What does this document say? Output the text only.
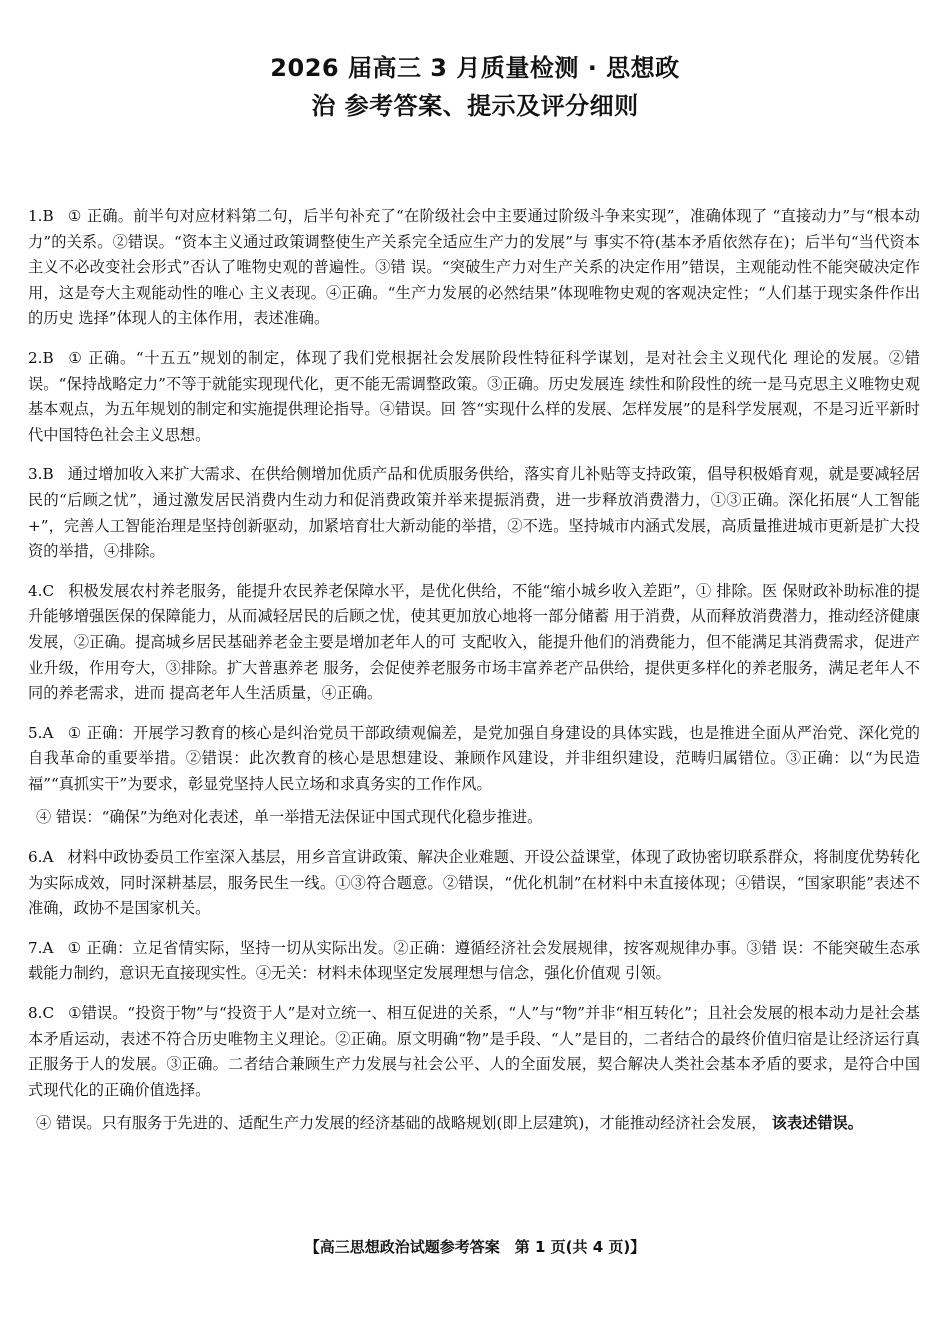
2026 届高三 3 月质量检测 · 思想政
治 参考答案、提示及评分细则

1.B ① 正确。前半句对应材料第二句，后半句补充了“在阶级社会中主要通过阶级斗争来实现”，准确体现了 “直接动力”与“根本动力”的关系。②错误。“资本主义通过政策调整使生产关系完全适应生产力的发展”与 事实不符(基本矛盾依然存在)；后半句“当代资本主义不必改变社会形式”否认了唯物史观的普遍性。③错 误。“突破生产力对生产关系的决定作用”错误，主观能动性不能突破决定作用，这是夸大主观能动性的唯心 主义表现。④正确。“生产力发展的必然结果”体现唯物史观的客观决定性；“人们基于现实条件作出的历史 选择”体现人的主体作用，表述准确。

2.B ① 正确。“十五五”规划的制定，体现了我们党根据社会发展阶段性特征科学谋划，是对社会主义现代化 理论的发展。②错误。“保持战略定力”不等于就能实现现代化，更不能无需调整政策。③正确。历史发展连 续性和阶段性的统一是马克思主义唯物史观基本观点，为五年规划的制定和实施提供理论指导。④错误。回 答“实现什么样的发展、怎样发展”的是科学发展观，不是习近平新时代中国特色社会主义思想。

3.B 通过增加收入来扩大需求、在供给侧增加优质产品和优质服务供给，落实育儿补贴等支持政策，倡导积极婚育观，就是要减轻居民的“后顾之忧”，通过激发居民消费内生动力和促消费政策并举来提振消费，进一步释放消费潜力，①③正确。深化拓展“人工智能+”，完善人工智能治理是坚持创新驱动，加紧培育壮大新动能的举措，②不选。坚持城市内涵式发展，高质量推进城市更新是扩大投资的举措，④排除。

4.C 积极发展农村养老服务，能提升农民养老保障水平，是优化供给，不能“缩小城乡收入差距”，① 排除。医 保财政补助标准的提升能够增强医保的保障能力，从而减轻居民的后顾之忧，使其更加放心地将一部分储蓄 用于消费，从而释放消费潜力，推动经济健康发展，②正确。提高城乡居民基础养老金主要是增加老年人的可 支配收入，能提升他们的消费能力，但不能满足其消费需求，促进产业升级，作用夸大，③排除。扩大普惠养老 服务，会促使养老服务市场丰富养老产品供给，提供更多样化的养老服务，满足老年人不同的养老需求，进而 提高老年人生活质量，④正确。

5.A ① 正确：开展学习教育的核心是纠治党员干部政绩观偏差，是党加强自身建设的具体实践，也是推进全面从严治党、深化党的自我革命的重要举措。②错误：此次教育的核心是思想建设、兼顾作风建设，并非组织建设，范畴归属错位。③正确：以“为民造福”“真抓实干”为要求，彰显党坚持人民立场和求真务实的工作作风。

④ 错误：“确保”为绝对化表述，单一举措无法保证中国式现代化稳步推进。

6.A 材料中政协委员工作室深入基层，用乡音宣讲政策、解决企业难题、开设公益课堂，体现了政协密切联系群众，将制度优势转化为实际成效，同时深耕基层，服务民生一线。①③符合题意。②错误，“优化机制”在材料中未直接体现；④错误，“国家职能”表述不准确，政协不是国家机关。

7.A ① 正确：立足省情实际，坚持一切从实际出发。②正确：遵循经济社会发展规律，按客观规律办事。③错 误：不能突破生态承载能力制约，意识无直接现实性。④无关：材料未体现坚定发展理想与信念，强化价值观 引领。

8.C ①错误。“投资于物”与“投资于人”是对立统一、相互促进的关系，“人”与“物”并非“相互转化”；且社会发展的根本动力是社会基本矛盾运动，表述不符合历史唯物主义理论。②正确。原文明确“物”是手段、“人”是目的，二者结合的最终价值归宿是让经济运行真正服务于人的发展。③正确。二者结合兼顾生产力发展与社会公平、人的全面发展，契合解决人类社会基本矛盾的要求，是符合中国式现代化的正确价值选择。

④ 错误。只有服务于先进的、适配生产力发展的经济基础的战略规划(即上层建筑)，才能推动经济社会发展， 该表述错误。

【高三思想政治试题参考答案　第 1 页(共 4 页)】
